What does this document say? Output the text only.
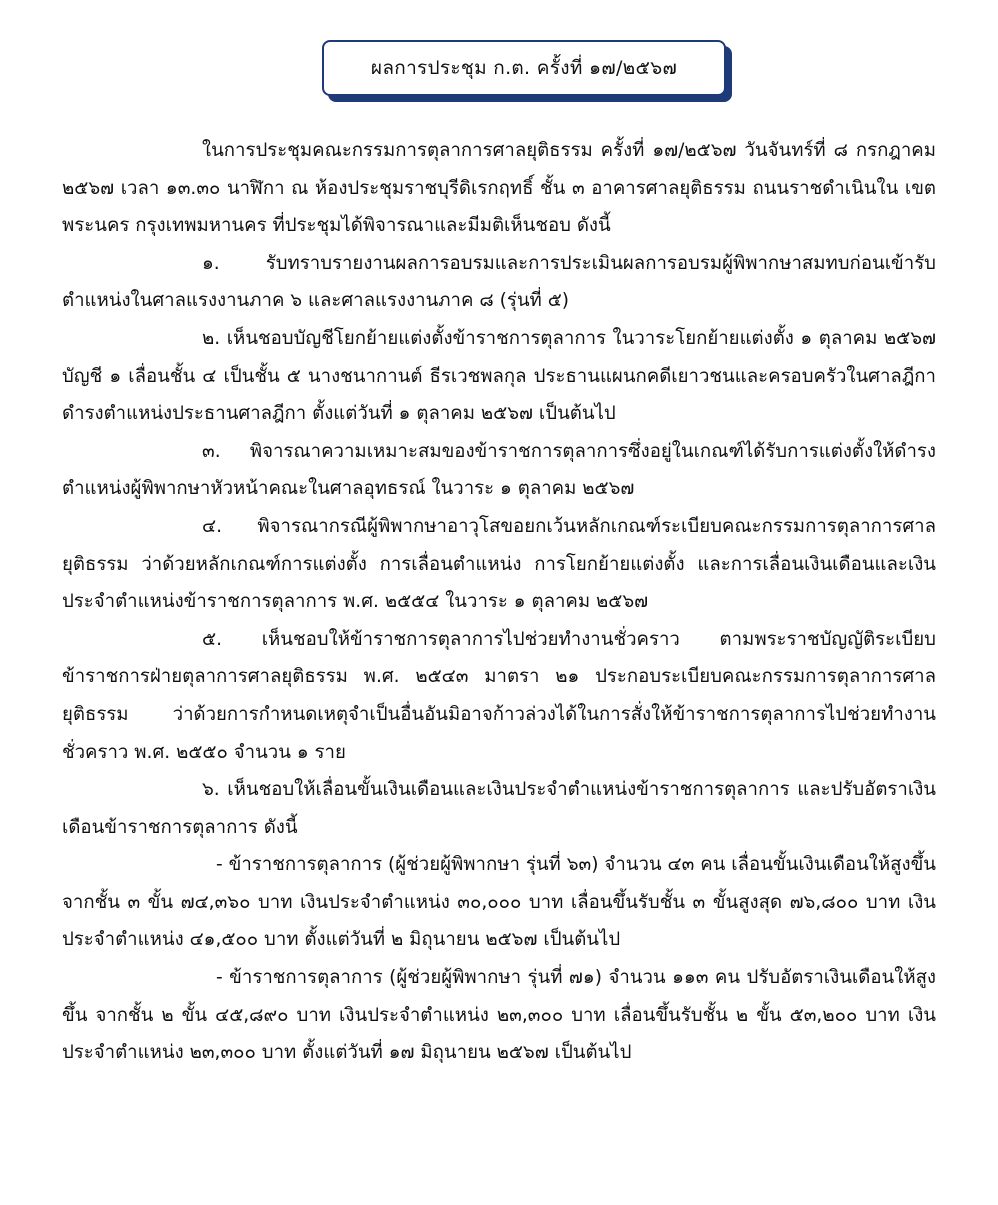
ผลการประชุม ก.ต. ครั้งที่ ๑๗/๒๕๖๗

ในการประชุมคณะกรรมการตุลาการศาลยุติธรรม ครั้งที่ ๑๗/๒๕๖๗ วันจันทร์ที่ ๘ กรกฎาคม ๒๕๖๗ เวลา ๑๓.๓๐ นาฬิกา ณ ห้องประชุมราชบุรีดิเรกฤทธิ์ ชั้น ๓ อาคารศาลยุติธรรม ถนนราชดำเนินใน เขตพระนคร กรุงเทพมหานคร ที่ประชุมได้พิจารณาและมีมติเห็นชอบ ดังนี้

๑. รับทราบรายงานผลการอบรมและการประเมินผลการอบรมผู้พิพากษาสมทบก่อนเข้ารับตำแหน่งในศาลแรงงานภาค ๖ และศาลแรงงานภาค ๘ (รุ่นที่ ๕)

๒. เห็นชอบบัญชีโยกย้ายแต่งตั้งข้าราชการตุลาการ ในวาระโยกย้ายแต่งตั้ง ๑ ตุลาคม ๒๕๖๗ บัญชี ๑ เลื่อนชั้น ๔ เป็นชั้น ๕ นางชนากานต์ ธีรเวชพลกุล ประธานแผนกคดีเยาวชนและครอบครัวในศาลฎีกา ดำรงตำแหน่งประธานศาลฎีกา ตั้งแต่วันที่ ๑ ตุลาคม ๒๕๖๗ เป็นต้นไป

๓. พิจารณาความเหมาะสมของข้าราชการตุลาการซึ่งอยู่ในเกณฑ์ได้รับการแต่งตั้งให้ดำรงตำแหน่งผู้พิพากษาหัวหน้าคณะในศาลอุทธรณ์ ในวาระ ๑ ตุลาคม ๒๕๖๗

๔. พิจารณากรณีผู้พิพากษาอาวุโสขอยกเว้นหลักเกณฑ์ระเบียบคณะกรรมการตุลาการศาลยุติธรรม ว่าด้วยหลักเกณฑ์การแต่งตั้ง การเลื่อนตำแหน่ง การโยกย้ายแต่งตั้ง และการเลื่อนเงินเดือนและเงินประจำตำแหน่งข้าราชการตุลาการ พ.ศ. ๒๕๕๔ ในวาระ ๑ ตุลาคม ๒๕๖๗

๕. เห็นชอบให้ข้าราชการตุลาการไปช่วยทำงานชั่วคราว ตามพระราชบัญญัติระเบียบข้าราชการฝ่ายตุลาการศาลยุติธรรม พ.ศ. ๒๕๔๓ มาตรา ๒๑ ประกอบระเบียบคณะกรรมการตุลาการศาลยุติธรรม ว่าด้วยการกำหนดเหตุจำเป็นอื่นอันมิอาจก้าวล่วงได้ในการสั่งให้ข้าราชการตุลาการไปช่วยทำงานชั่วคราว พ.ศ. ๒๕๕๐ จำนวน ๑ ราย

๖. เห็นชอบให้เลื่อนขั้นเงินเดือนและเงินประจำตำแหน่งข้าราชการตุลาการ และปรับอัตราเงินเดือนข้าราชการตุลาการ ดังนี้

- ข้าราชการตุลาการ (ผู้ช่วยผู้พิพากษา รุ่นที่ ๖๓) จำนวน ๔๓ คน เลื่อนขั้นเงินเดือนให้สูงขึ้น จากชั้น ๓ ขั้น ๗๔,๓๖๐ บาท เงินประจำตำแหน่ง ๓๐,๐๐๐ บาท เลื่อนขึ้นรับชั้น ๓ ขั้นสูงสุด ๗๖,๘๐๐ บาท เงินประจำตำแหน่ง ๔๑,๕๐๐ บาท ตั้งแต่วันที่ ๒ มิถุนายน ๒๕๖๗ เป็นต้นไป

- ข้าราชการตุลาการ (ผู้ช่วยผู้พิพากษา รุ่นที่ ๗๑) จำนวน ๑๑๓ คน ปรับอัตราเงินเดือนให้สูงขึ้น จากชั้น ๒ ขั้น ๔๕,๘๙๐ บาท เงินประจำตำแหน่ง ๒๓,๓๐๐ บาท เลื่อนขึ้นรับชั้น ๒ ขั้น ๕๓,๒๐๐ บาท เงินประจำตำแหน่ง ๒๓,๓๐๐ บาท ตั้งแต่วันที่ ๑๗ มิถุนายน ๒๕๖๗ เป็นต้นไป
